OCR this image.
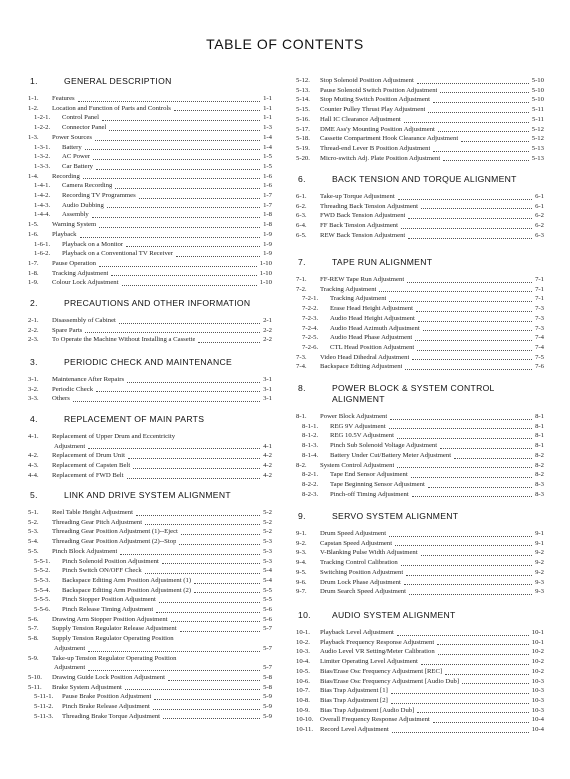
TABLE OF CONTENTS
1.	GENERAL DESCRIPTION
1-1.	Features	1-1
1-2.	Location and Function of Parts and Controls	1-1
1-2-1.	Control Panel	1-1
1-2-2.	Connector Panel	1-3
1-3.	Power Sources	1-4
1-3-1.	Battery	1-4
1-3-2.	AC Power	1-5
1-3-3.	Car Battery	1-5
1-4.	Recording	1-6
1-4-1.	Camera Recording	1-6
1-4-2.	Recording TV Programmes	1-7
1-4-3.	Audio Dubbing	1-7
1-4-4.	Assembly	1-8
1-5.	Warning System	1-8
1-6.	Playback	1-9
1-6-1.	Playback on a Monitor	1-9
1-6-2.	Playback on a Conventional TV Receiver	1-9
1-7.	Pause Operation	1-10
1-8.	Tracking Adjustment	1-10
1-9.	Colour Lock Adjustment	1-10
2.	PRECAUTIONS AND OTHER INFORMATION
2-1.	Disassembly of Cabinet	2-1
2-2.	Spare Parts	2-2
2-3.	To Operate the Machine Without Installing a Cassette	2-2
3.	PERIODIC CHECK AND MAINTENANCE
3-1.	Maintenance After Repairs	3-1
3-2.	Periodic Check	3-1
3-3.	Others	3-1
4.	REPLACEMENT OF MAIN PARTS
4-1.	Replacement of Upper Drum and Eccentricity
Adjustment	4-1
4-2.	Replacement of Drum Unit	4-2
4-3.	Replacement of Capsten Belt	4-2
4-4.	Replacement of FWD Belt	4-2
5.	LINK AND DRIVE SYSTEM ALIGNMENT
5-1.	Reel Table Height Adjustment	5-2
5-2.	Threading Gear Pitch Adjustment	5-2
5-3.	Threading Gear Position Adjustment (1)--Eject	5-2
5-4.	Threading Gear Position Adjustment (2)--Stop	5-3
5-5.	Pinch Block Adjustment	5-3
5-5-1.	Pinch Solenoid Position Adjustment	5-3
5-5-2.	Pinch Switch ON/OFF Check	5-4
5-5-3.	Backspace Editing Arm Position Adjustment (1)	5-4
5-5-4.	Backspace Editing Arm Position Adjustment (2)	5-5
5-5-5.	Pinch Stopper Position Adjustment	5-5
5-5-6.	Pinch Release Timing Adjustment	5-6
5-6.	Drawing Arm Stopper Position Adjustment	5-6
5-7.	Supply Tension Regulator Release Adjustment	5-7
5-8.	Supply Tension Regulator Operating Position
Adjustment	5-7
5-9.	Take-up Tension Regulator Operating Position
Adjustment	5-7
5-10.	Drawing Guide Lock Position Adjustment	5-8
5-11.	Brake System Adjustment	5-8
5-11-1.	Pause Brake Position Adjustment	5-9
5-11-2.	Pinch Brake Release Adjustment	5-9
5-11-3.	Threading Brake Torque Adjustment	5-9
5-12.	Stop Solenoid Position Adjustment	5-10
5-13.	Pause Solenoid Switch Position Adjustment	5-10
5-14.	Stop Muting Switch Position Adjustment	5-10
5-15.	Counter Pulley Thrust Play Adjustment	5-11
5-16.	Hall IC Clearance Adjustment	5-11
5-17.	DME Ass'y Mounting Position Adjustment	5-12
5-18.	Cassette Compartment Hook Clearance Adjustment	5-12
5-19.	Thread-end Lever B Position Adjustment	5-13
5-20.	Micro-switch Adj. Plate Position Adjustment	5-13
6.	BACK TENSION AND TORQUE ALIGNMENT
6-1.	Take-up Torque Adjustment	6-1
6-2.	Threading Back Tension Adjustment	6-1
6-3.	FWD Back Tension Adjustment	6-2
6-4.	FF Back Tension Adjustment	6-2
6-5.	REW Back Tension Adjustment	6-3
7.	TAPE RUN ALIGNMENT
7-1.	FF-REW Tape Run Adjustment	7-1
7-2.	Tracking Adjustment	7-1
7-2-1.	Tracking Adjustment	7-1
7-2-2.	Erase Head Height Adjustment	7-3
7-2-3.	Audio Head Height Adjustment	7-3
7-2-4.	Audio Head Azimuth Adjustment	7-3
7-2-5.	Audio Head Phase Adjustment	7-4
7-2-6.	CTL Head Position Adjustment	7-4
7-3.	Video Head Dihedral Adjustment	7-5
7-4.	Backspace Editing Adjustment	7-6
8.	POWER BLOCK & SYSTEM CONTROL
ALIGNMENT
8-1.	Power Block Adjustment	8-1
8-1-1.	REG 9V Adjustment	8-1
8-1-2.	REG 10.5V Adjustment	8-1
8-1-3.	Pinch Sub Solenoid Voltage Adjustment	8-1
8-1-4.	Battery Under Cut/Battery Meter Adjustment	8-2
8-2.	System Control Adjustment	8-2
8-2-1.	Tape End Sensor Adjustment	8-2
8-2-2.	Tape Beginning Sensor Adjustment	8-3
8-2-3.	Pinch-off Timing Adjustment	8-3
9.	SERVO SYSTEM ALIGNMENT
9-1.	Drum Speed Adjustment	9-1
9-2.	Capstan Speed Adjustment	9-1
9-3.	V-Blanking Pulse Width Adjustment	9-2
9-4.	Tracking Control Calibration	9-2
9-5.	Switching Position Adjustment	9-2
9-6.	Drum Lock Phase Adjustment	9-3
9-7.	Drum Search Speed Adjustment	9-3
10.	AUDIO SYSTEM ALIGNMENT
10-1.	Playback Level Adjustment	10-1
10-2.	Playback Frequency Response Adjustment	10-1
10-3.	Audio Level VR Setting/Meter Calibration	10-2
10-4.	Limiter Operating Level Adjustment	10-2
10-5.	Bias/Erase Osc Frequency Adjustment [REC]	10-2
10-6.	Bias/Erase Osc Frequency Adjustment [Audio Dub]	10-3
10-7.	Bias Trap Adjustment [1]	10-3
10-8.	Bias Trap Adjustment [2]	10-3
10-9.	Bias Trap Adjustment [Audio Dub]	10-3
10-10.	Overall Frequency Response Adjustment	10-4
10-11.	Record Level Adjustment	10-4
